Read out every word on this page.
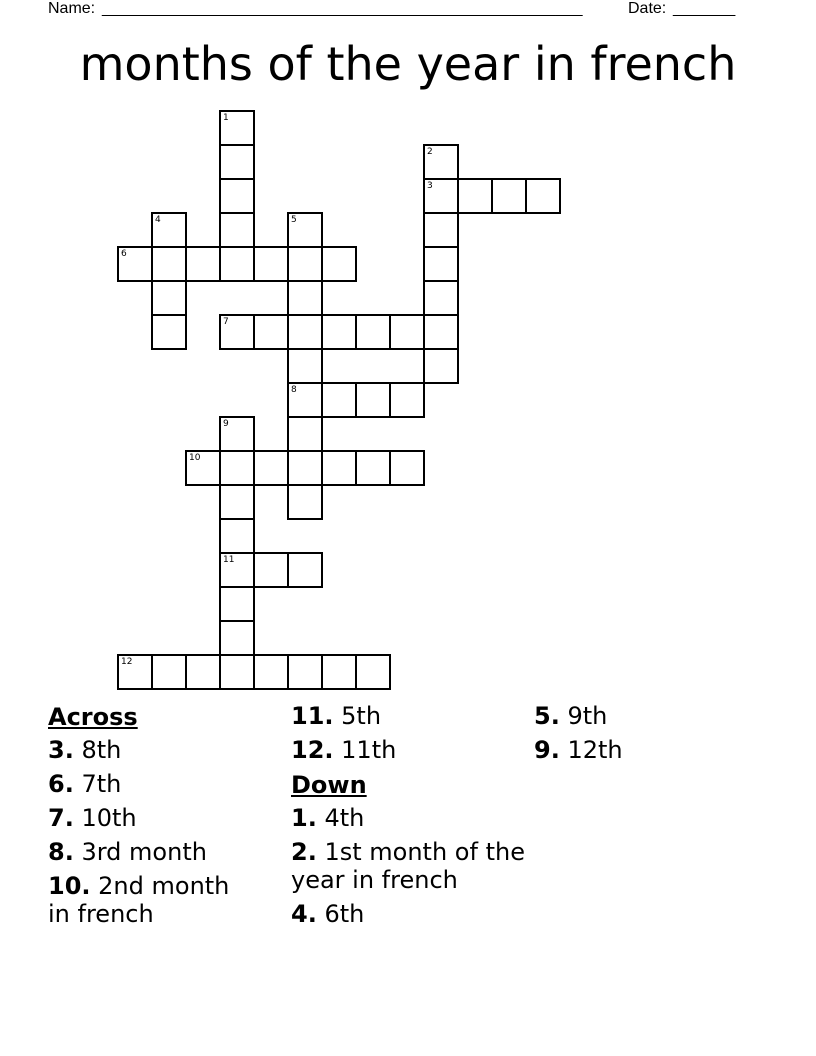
Name: ______________________________________________________	Date: _______
months of the year in french
1
2
3
4	5
8
6
7
9
11
10
12
Across
3. 8th
6. 7th
7. 10th
8. 3rd month
10. 2nd month in french
11. 5th
12. 11th
Down
1. 4th
2. 1st month of the year in french
4. 6th
5. 9th
9. 12th
